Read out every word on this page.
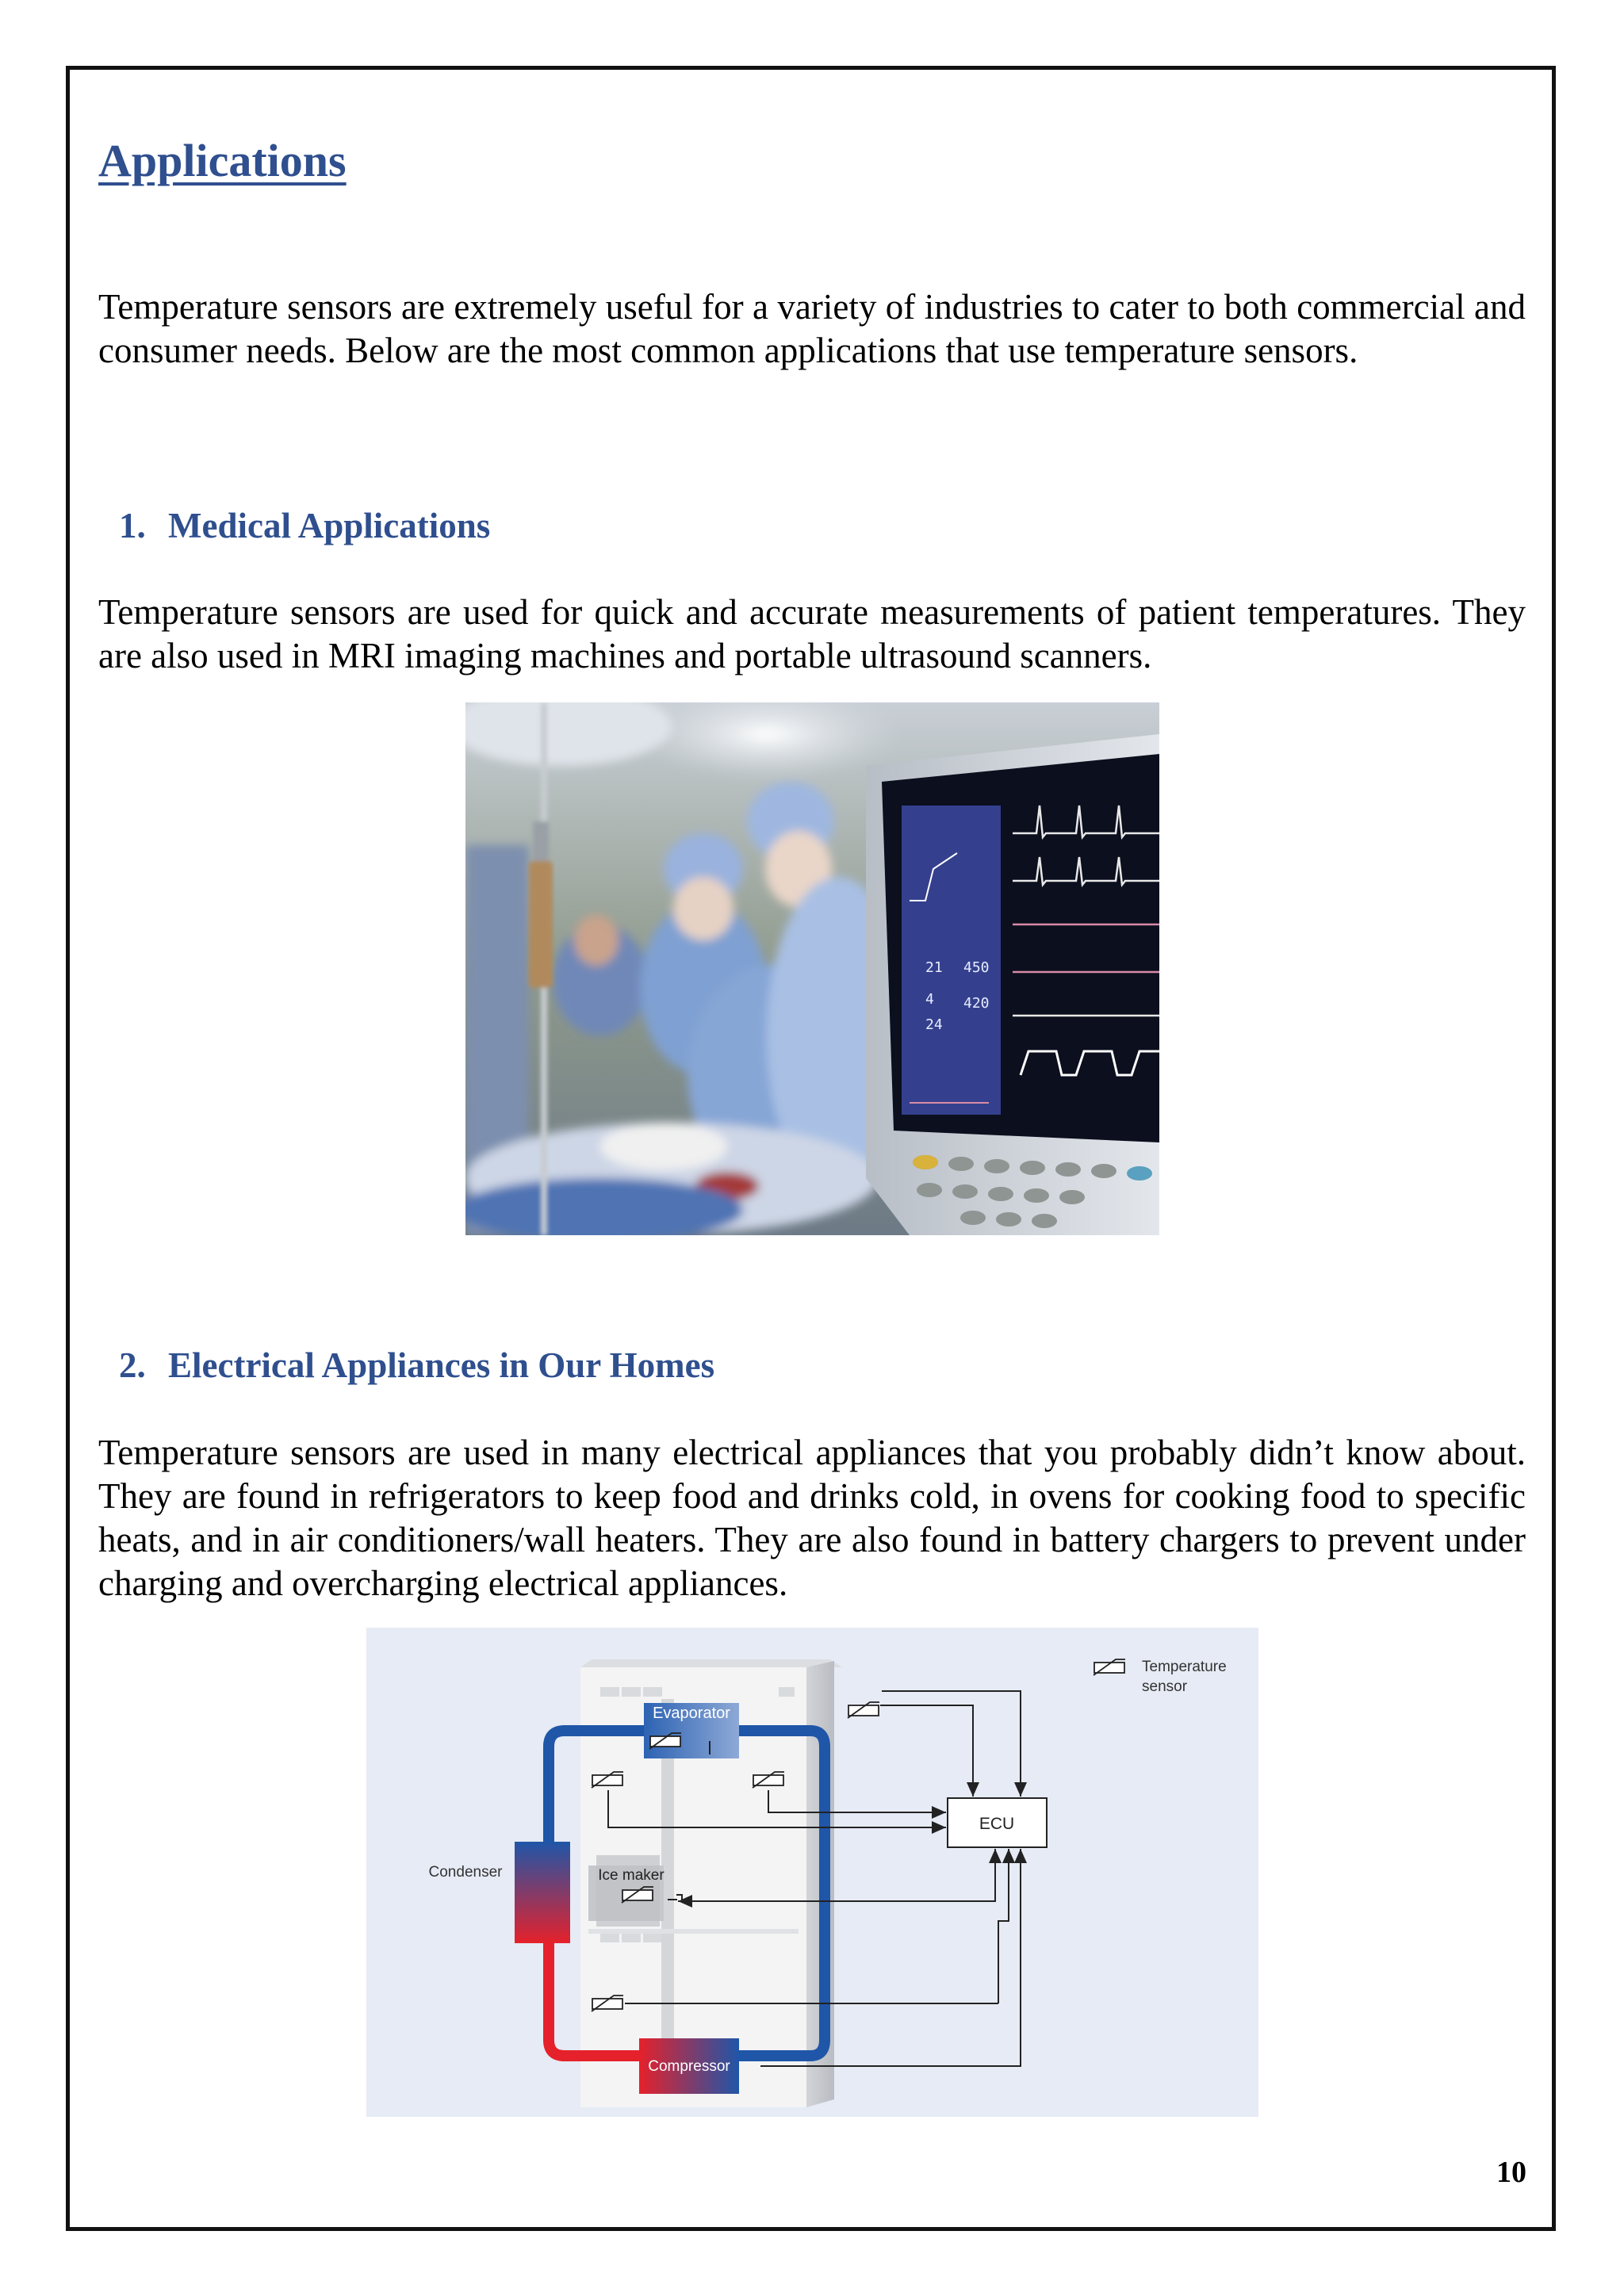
Applications

Temperature sensors are extremely useful for a variety of industries to cater to both commercial and consumer needs. Below are the most common applications that use temperature sensors.

1. Medical Applications

Temperature sensors are used for quick and accurate measurements of patient temperatures. They are also used in MRI imaging machines and portable ultrasound scanners.

21 450
4 420
24
2. Electrical Appliances in Our Homes

Temperature sensors are used in many electrical appliances that you probably didn’t know about. They are found in refrigerators to keep food and drinks cold, in ovens for cooking food to specific heats, and in air conditioners/wall heaters. They are also found in battery chargers to prevent under charging and overcharging electrical appliances.

ECU
Evaporator
Condenser	Ice maker
Compressor
Temperature
sensor

10
